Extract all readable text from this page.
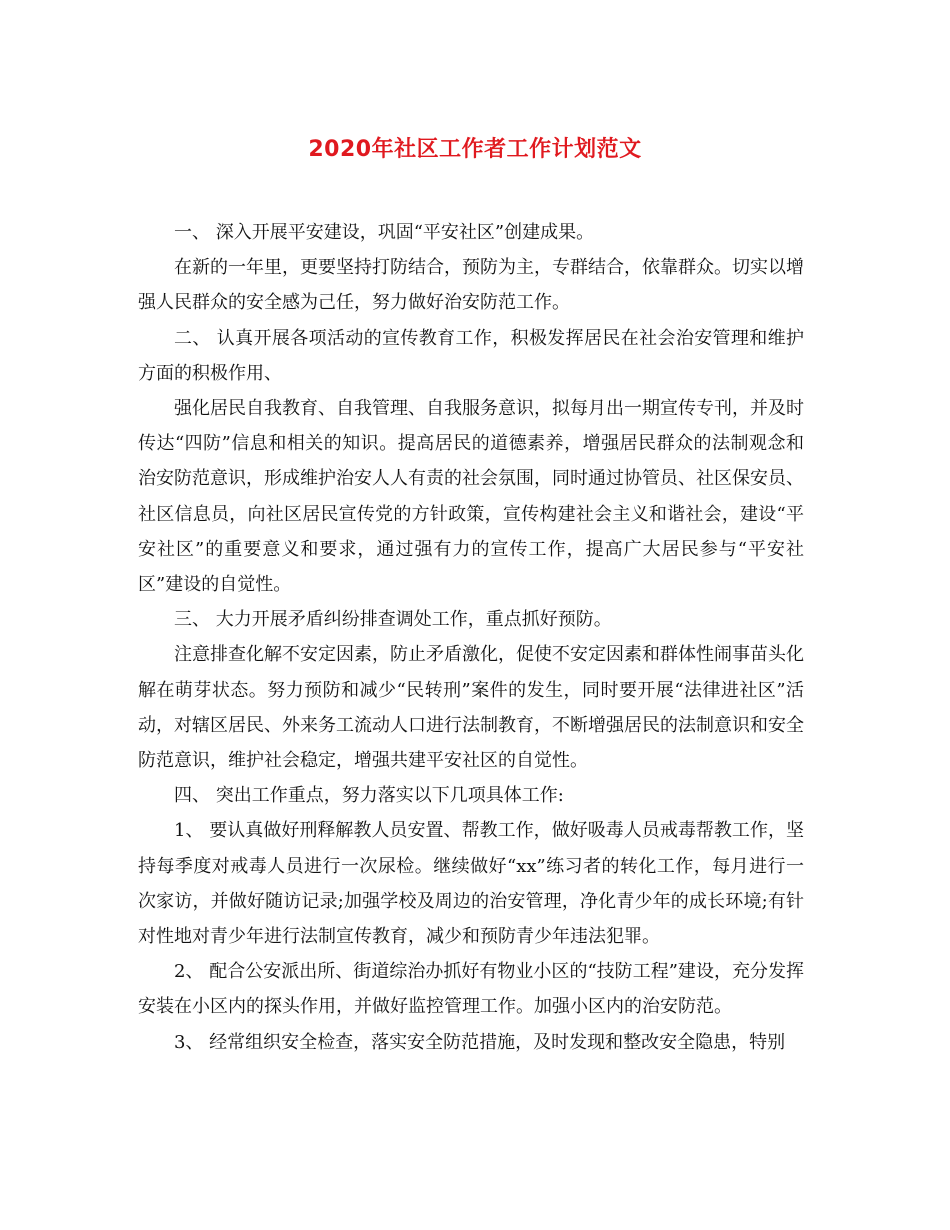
2020年社区工作者工作计划范文

一、 深入开展平安建设，巩固“平安社区”创建成果。

在新的一年里，更要坚持打防结合，预防为主，专群结合，依靠群众。切实以增强人民群众的安全感为己任，努力做好治安防范工作。

二、 认真开展各项活动的宣传教育工作，积极发挥居民在社会治安管理和维护方面的积极作用、

强化居民自我教育、自我管理、自我服务意识，拟每月出一期宣传专刊，并及时传达“四防”信息和相关的知识。提高居民的道德素养，增强居民群众的法制观念和治安防范意识，形成维护治安人人有责的社会氛围，同时通过协管员、社区保安员、社区信息员，向社区居民宣传党的方针政策，宣传构建社会主义和谐社会，建设“平安社区”的重要意义和要求，通过强有力的宣传工作，提高广大居民参与“平安社区”建设的自觉性。

三、 大力开展矛盾纠纷排查调处工作，重点抓好预防。

注意排查化解不安定因素，防止矛盾激化，促使不安定因素和群体性闹事苗头化解在萌芽状态。努力预防和减少“民转刑”案件的发生，同时要开展“法律进社区”活动，对辖区居民、外来务工流动人口进行法制教育，不断增强居民的法制意识和安全防范意识，维护社会稳定，增强共建平安社区的自觉性。

四、 突出工作重点，努力落实以下几项具体工作:

1、 要认真做好刑释解教人员安置、帮教工作，做好吸毒人员戒毒帮教工作，坚持每季度对戒毒人员进行一次尿检。继续做好“xx”练习者的转化工作，每月进行一次家访，并做好随访记录;加强学校及周边的治安管理，净化青少年的成长环境;有针对性地对青少年进行法制宣传教育，减少和预防青少年违法犯罪。

2、 配合公安派出所、街道综治办抓好有物业小区的“技防工程”建设，充分发挥安装在小区内的探头作用，并做好监控管理工作。加强小区内的治安防范。

3、 经常组织安全检查，落实安全防范措施，及时发现和整改安全隐患，特别
